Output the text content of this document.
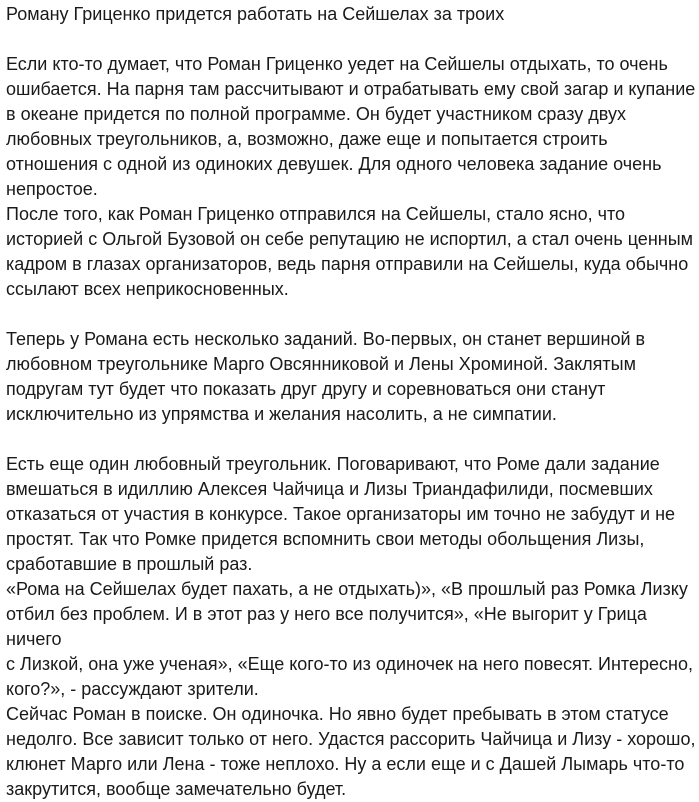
Роману Гриценко придется работать на Сейшелах за троих

Если кто-то думает, что Роман Гриценко уедет на Сейшелы отдыхать, то очень
ошибается. На парня там рассчитывают и отрабатывать ему свой загар и купание
в океане придется по полной программе. Он будет участником сразу двух
любовных треугольников, а, возможно, даже еще и попытается строить
отношения с одной из одиноких девушек. Для одного человека задание очень
непростое.

После того, как Роман Гриценко отправился на Сейшелы, стало ясно, что
историей с Ольгой Бузовой он себе репутацию не испортил, а стал очень ценным
кадром в глазах организаторов, ведь парня отправили на Сейшелы, куда обычно
ссылают всех неприкосновенных.

Теперь у Романа есть несколько заданий. Во-первых, он станет вершиной в
любовном треугольнике Марго Овсянниковой и Лены Хроминой. Заклятым
подругам тут будет что показать друг другу и соревноваться они станут
исключительно из упрямства и желания насолить, а не симпатии.

Есть еще один любовный треугольник. Поговаривают, что Роме дали задание
вмешаться в идиллию Алексея Чайчица и Лизы Триандафилиди, посмевших
отказаться от участия в конкурсе. Такое организаторы им точно не забудут и не
простят. Так что Ромке придется вспомнить свои методы обольщения Лизы,
сработавшие в прошлый раз.

«Рома на Сейшелах будет пахать, а не отдыхать)», «В прошлый раз Ромка Лизку
отбил без проблем. И в этот раз у него все получится», «Не выгорит у Грица ничего
с Лизкой, она уже ученая», «Еще кого-то из одиночек на него повесят. Интересно,
кого?», - рассуждают зрители.

Сейчас Роман в поиске. Он одиночка. Но явно будет пребывать в этом статусе
недолго. Все зависит только от него. Удастся рассорить Чайчица и Лизу - хорошо,
клюнет Марго или Лена - тоже неплохо. Ну а если еще и с Дашей Лымарь что-то
закрутится, вообще замечательно будет.
